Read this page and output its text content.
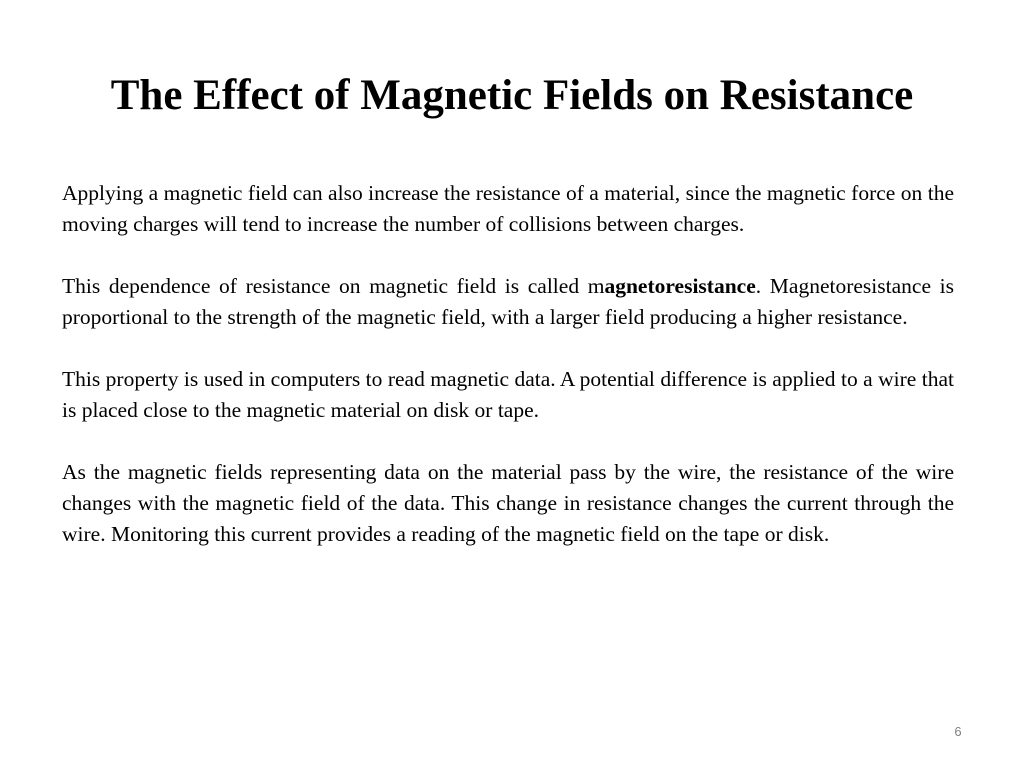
The Effect of Magnetic Fields on Resistance

Applying a magnetic field can also increase the resistance of a material, since the magnetic force on the moving charges will tend to increase the number of collisions between charges.

This dependence of resistance on magnetic field is called magnetoresistance. Magnetoresistance is proportional to the strength of the magnetic field, with a larger field producing a higher resistance.

This property is used in computers to read magnetic data. A potential difference is applied to a wire that is placed close to the magnetic material on disk or tape.

As the magnetic fields representing data on the material pass by the wire, the resistance of the wire changes with the magnetic field of the data. This change in resistance changes the current through the wire. Monitoring this current provides a reading of the magnetic field on the tape or disk.

6
